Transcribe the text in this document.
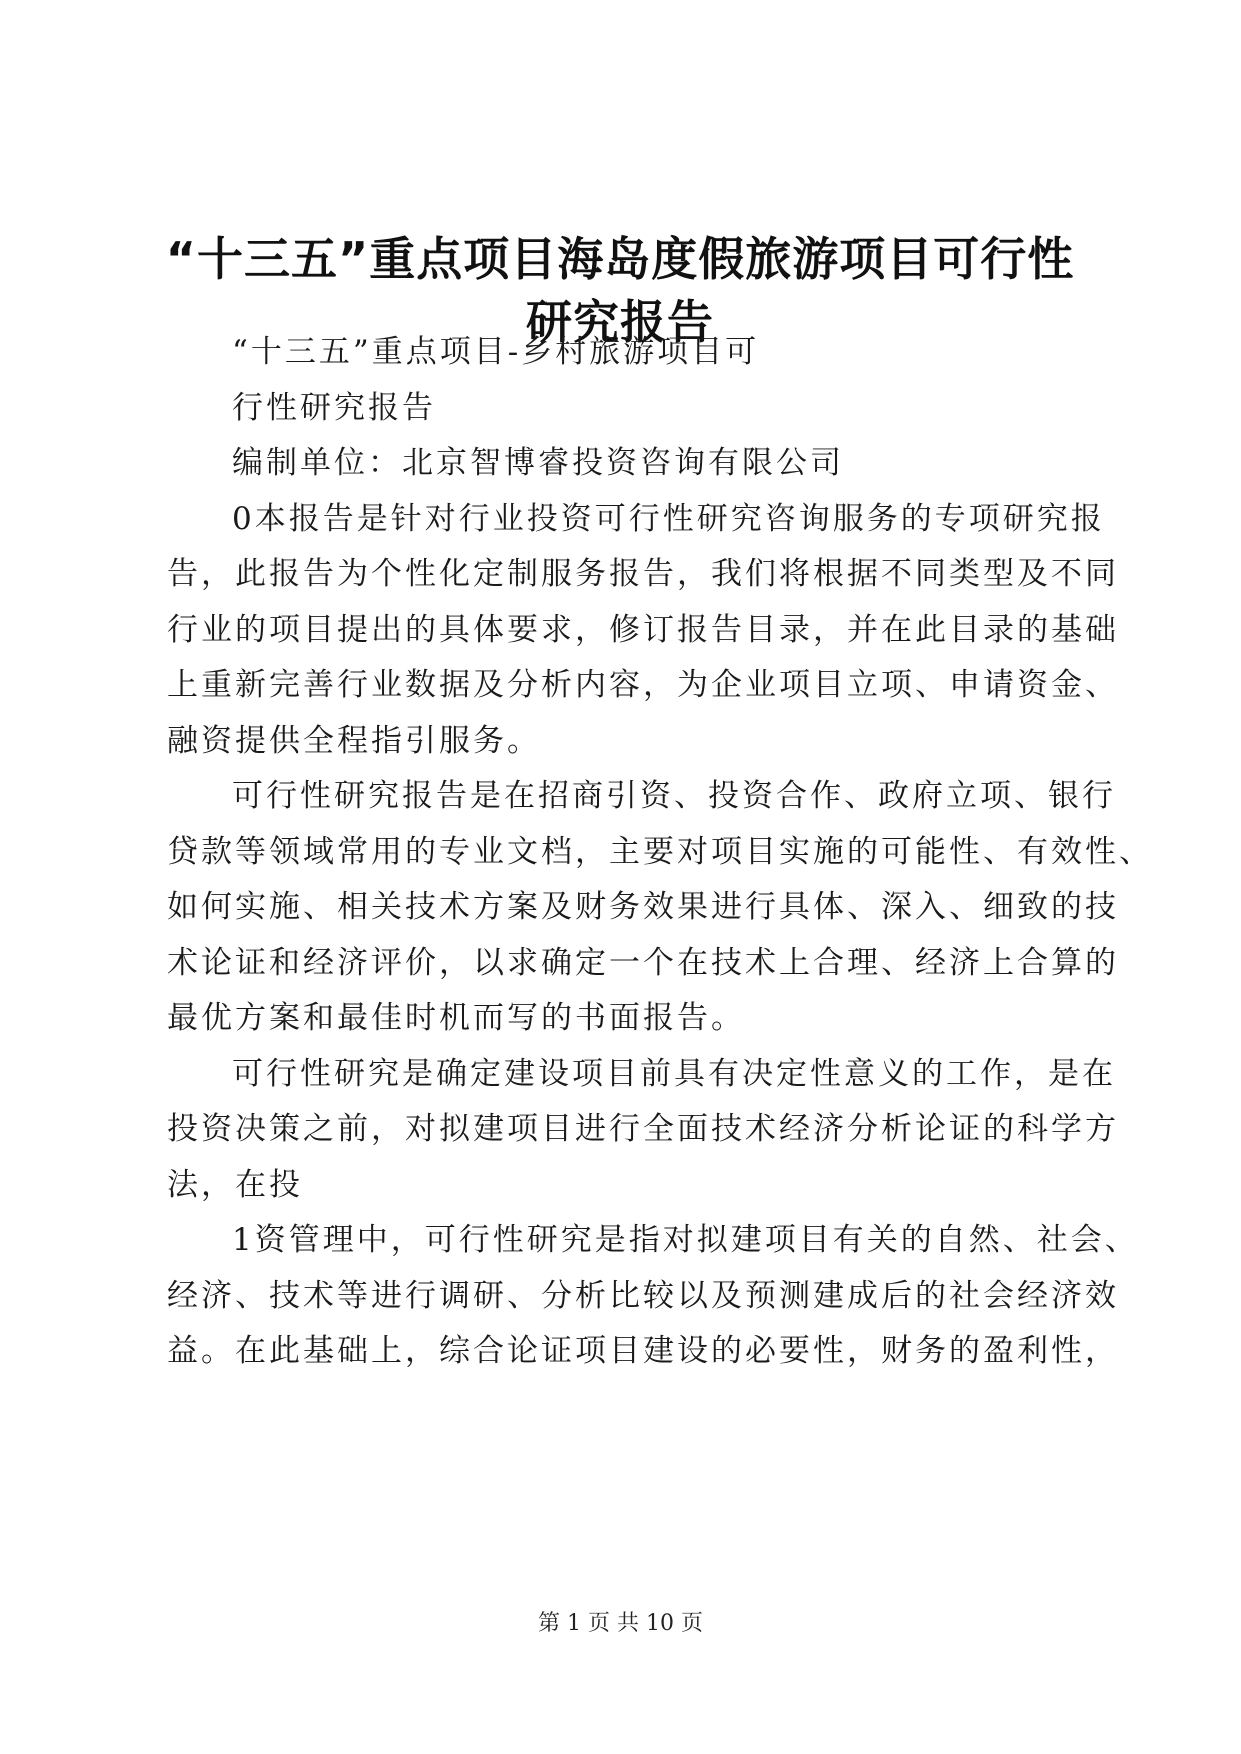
“十三五”重点项目海岛度假旅游项目可行性
研究报告
“十三五”重点项目-乡村旅游项目可
行性研究报告
编制单位：北京智博睿投资咨询有限公司
0本报告是针对行业投资可行性研究咨询服务的专项研究报
告，此报告为个性化定制服务报告，我们将根据不同类型及不同
行业的项目提出的具体要求，修订报告目录，并在此目录的基础
上重新完善行业数据及分析内容，为企业项目立项、申请资金、
融资提供全程指引服务。
可行性研究报告是在招商引资、投资合作、政府立项、银行
贷款等领域常用的专业文档，主要对项目实施的可能性、有效性、
如何实施、相关技术方案及财务效果进行具体、深入、细致的技
术论证和经济评价，以求确定一个在技术上合理、经济上合算的
最优方案和最佳时机而写的书面报告。
可行性研究是确定建设项目前具有决定性意义的工作，是在
投资决策之前，对拟建项目进行全面技术经济分析论证的科学方
法，在投
1资管理中，可行性研究是指对拟建项目有关的自然、社会、
经济、技术等进行调研、分析比较以及预测建成后的社会经济效
益。在此基础上，综合论证项目建设的必要性，财务的盈利性，
第 1 页 共 10 页
